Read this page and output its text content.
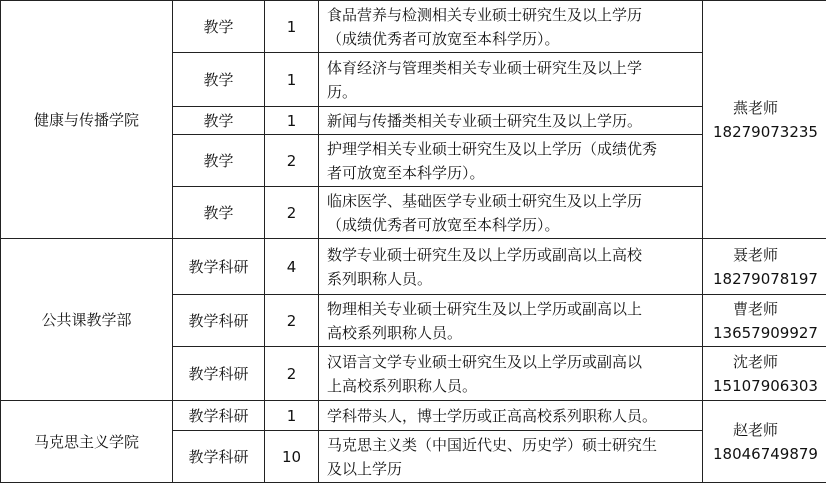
健康与传播学院	教学	1	食品营养与检测相关专业硕士研究生及以上学历
（成绩优秀者可放宽至本科学历）。	燕老师
18279073235

	教学	1	体育经济与管理类相关专业硕士研究生及以上学
历。	

	教学	1	新闻与传播类相关专业硕士研究生及以上学历。	

	教学	2	护理学相关专业硕士研究生及以上学历（成绩优秀
者可放宽至本科学历）。	

	教学	2	临床医学、基础医学专业硕士研究生及以上学历
（成绩优秀者可放宽至本科学历）。	

公共课教学部	教学科研	4	数学专业硕士研究生及以上学历或副高以上高校
系列职称人员。	聂老师
18279078197

	教学科研	2	物理相关专业硕士研究生及以上学历或副高以上
高校系列职称人员。	曹老师
13657909927

	教学科研	2	汉语言文学专业硕士研究生及以上学历或副高以
上高校系列职称人员。	沈老师
15107906303

马克思主义学院	教学科研	1	学科带头人，博士学历或正高高校系列职称人员。	赵老师
18046749879

	教学科研	10	马克思主义类（中国近代史、历史学）硕士研究生
及以上学历	
